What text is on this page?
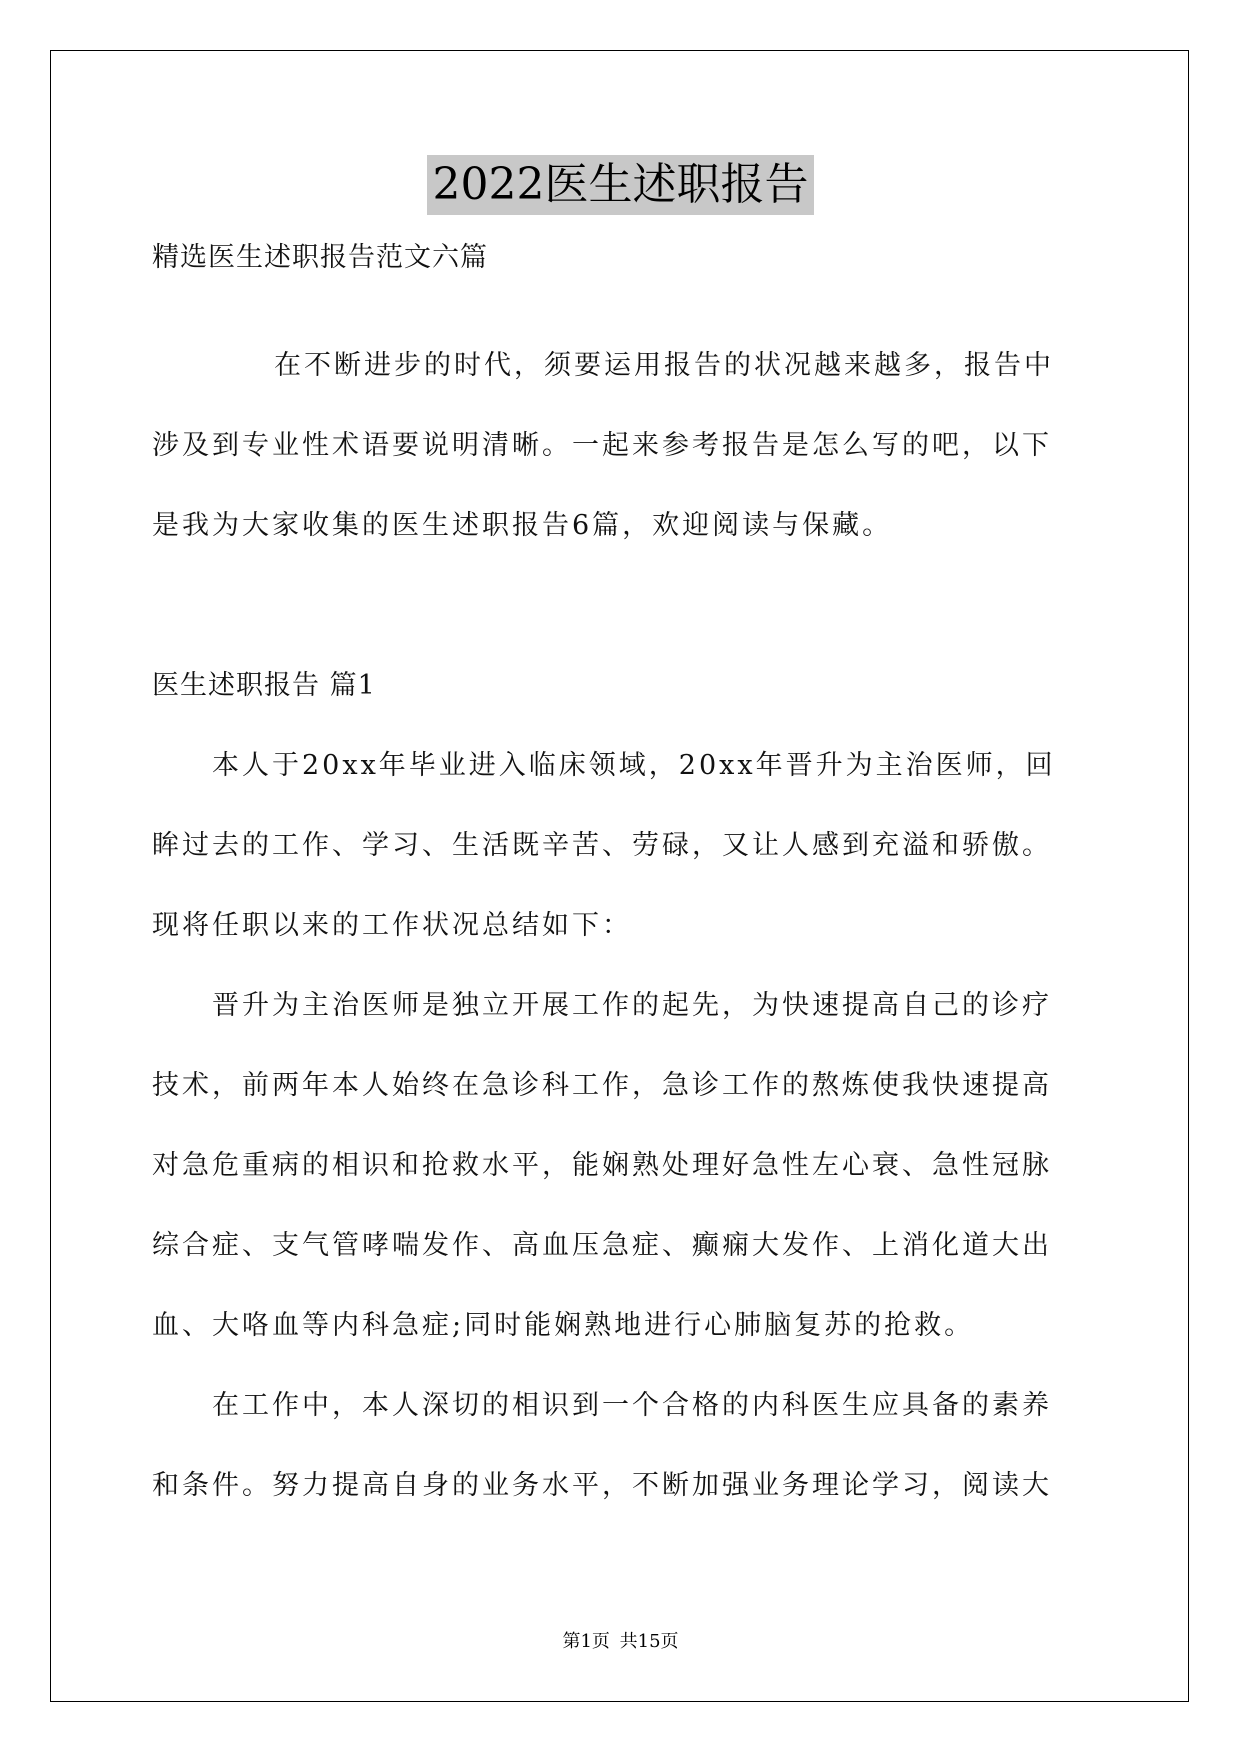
2022医生述职报告
精选医生述职报告范文六篇
在不断进步的时代，须要运用报告的状况越来越多，报告中
涉及到专业性术语要说明清晰。一起来参考报告是怎么写的吧，以下
是我为大家收集的医生述职报告6篇，欢迎阅读与保藏。
医生述职报告 篇1
本人于20xx年毕业进入临床领域，20xx年晋升为主治医师，回
眸过去的工作、学习、生活既辛苦、劳碌，又让人感到充溢和骄傲。
现将任职以来的工作状况总结如下：
晋升为主治医师是独立开展工作的起先，为快速提高自己的诊疗
技术，前两年本人始终在急诊科工作，急诊工作的熬炼使我快速提高
对急危重病的相识和抢救水平，能娴熟处理好急性左心衰、急性冠脉
综合症、支气管哮喘发作、高血压急症、癫痫大发作、上消化道大出
血、大咯血等内科急症;同时能娴熟地进行心肺脑复苏的抢救。
在工作中，本人深切的相识到一个合格的内科医生应具备的素养
和条件。努力提高自身的业务水平，不断加强业务理论学习，阅读大
第1页 共15页
